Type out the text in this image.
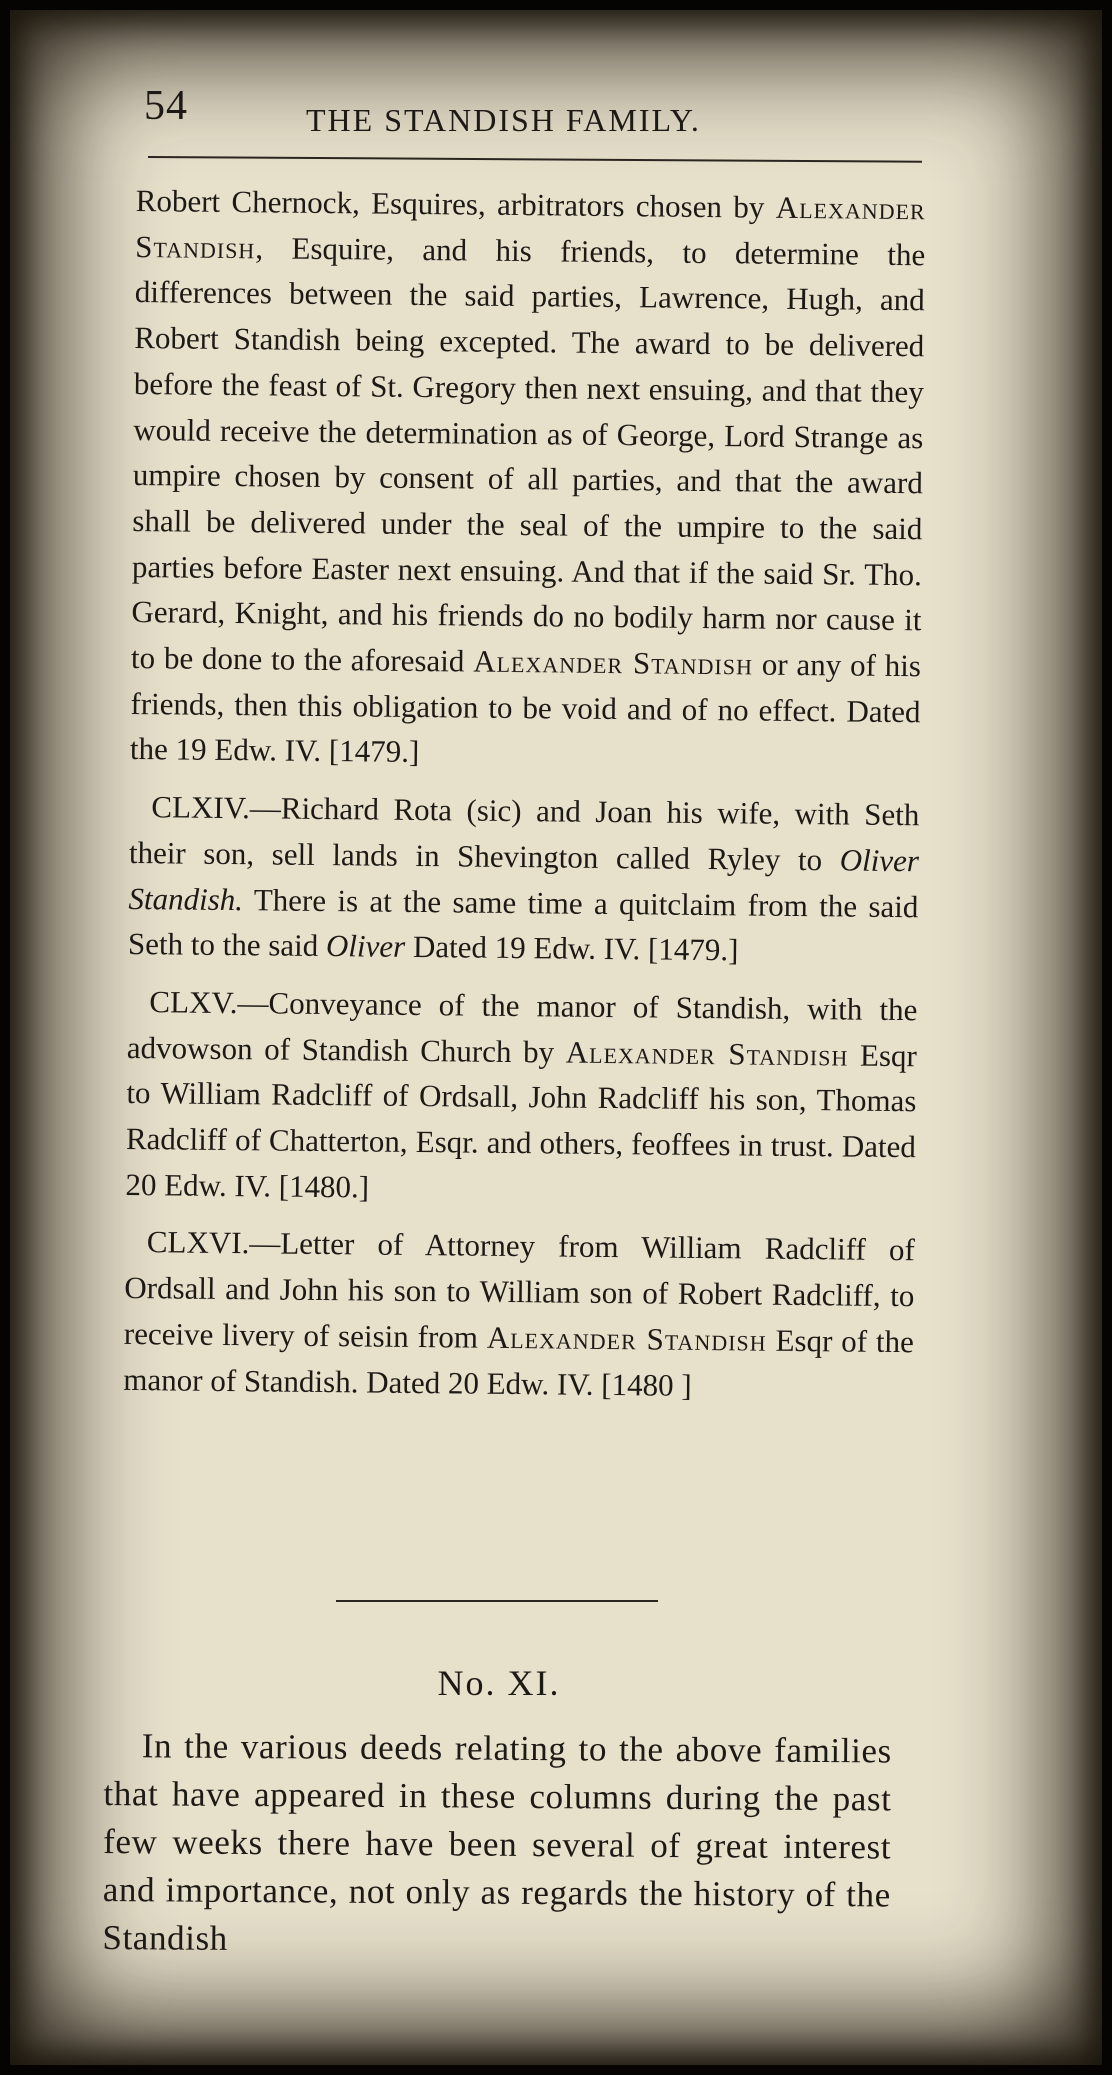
54	THE STANDISH FAMILY.

Robert Chernock, Esquires, arbitrators chosen by Alexander Standish, Esquire, and his friends, to determine the differences between the said parties, Lawrence, Hugh, and Robert Standish being excepted. The award to be delivered before the feast of St. Gregory then next ensuing, and that they would receive the determination as of George, Lord Strange as umpire chosen by consent of all parties, and that the award shall be delivered under the seal of the umpire to the said parties before Easter next ensuing. And that if the said Sr. Tho. Gerard, Knight, and his friends do no bodily harm nor cause it to be done to the aforesaid Alexander Standish or any of his friends, then this obligation to be void and of no effect. Dated the 19 Edw. IV. [1479.]

CLXIV.—Richard Rota (sic) and Joan his wife, with Seth their son, sell lands in Shevington called Ryley to Oliver Standish. There is at the same time a quitclaim from the said Seth to the said Oliver Dated 19 Edw. IV. [1479.]

CLXV.—Conveyance of the manor of Standish, with the advowson of Standish Church by Alexander Standish Esqr to William Radcliff of Ordsall, John Radcliff his son, Thomas Radcliff of Chatterton, Esqr. and others, feoffees in trust. Dated 20 Edw. IV. [1480.]

CLXVI.—Letter of Attorney from William Radcliff of Ordsall and John his son to William son of Robert Radcliff, to receive livery of seisin from Alexander Standish Esqr of the manor of Standish. Dated 20 Edw. IV. [1480 ]

No. XI.

In the various deeds relating to the above families that have appeared in these columns during the past few weeks there have been several of great interest and importance, not only as regards the history of the Standish
